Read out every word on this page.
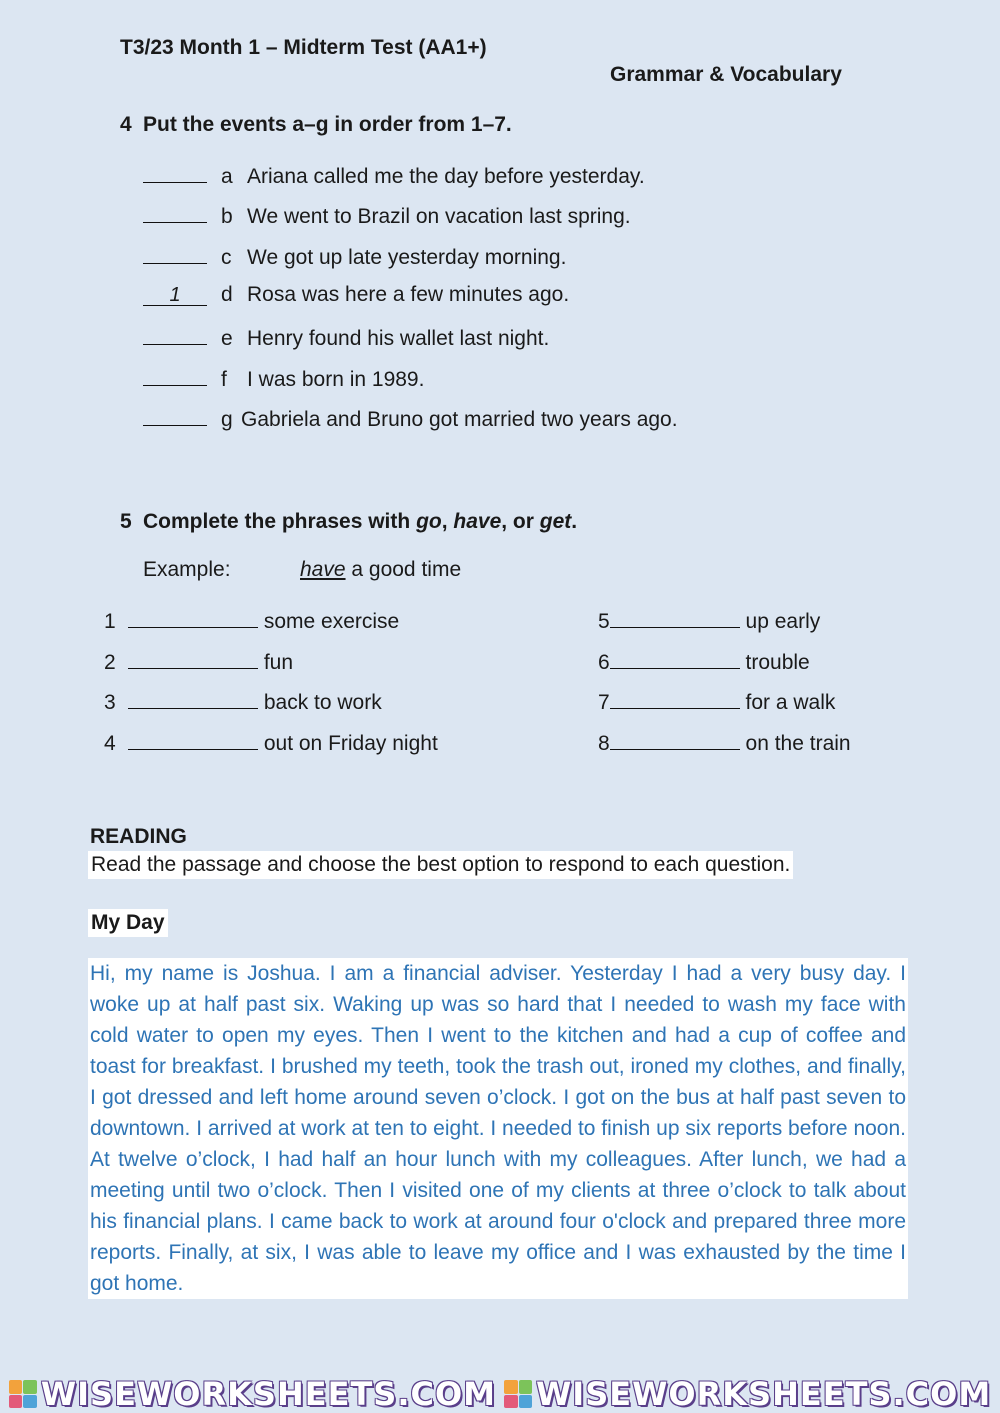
T3/23 Month 1 – Midterm Test (AA1+)
Grammar & Vocabulary
4 Put the events a–g in order from 1–7.
a Ariana called me the day before yesterday.
b We went to Brazil on vacation last spring.
c We got up late yesterday morning.
1 d Rosa was here a few minutes ago.
e Henry found his wallet last night.
f I was born in 1989.
g Gabriela and Bruno got married two years ago.
5 Complete the phrases with go, have, or get.
Example:	have a good time
1	some exercise
2	fun
3	back to work
4	out on Friday night
5	up early
6	trouble
7	for a walk
8	on the train
READING
Read the passage and choose the best option to respond to each question.
My Day
Hi, my name is Joshua. I am a financial adviser. Yesterday I had a very busy day. I woke up at half past six. Waking up was so hard that I needed to wash my face with cold water to open my eyes. Then I went to the kitchen and had a cup of coffee and toast for breakfast. I brushed my teeth, took the trash out, ironed my clothes, and finally, I got dressed and left home around seven o’clock. I got on the bus at half past seven to downtown. I arrived at work at ten to eight. I needed to finish up six reports before noon. At twelve o’clock, I had half an hour lunch with my colleagues. After lunch, we had a meeting until two o’clock. Then I visited one of my clients at three o’clock to talk about his financial plans. I came back to work at around four o'clock and prepared three more reports. Finally, at six, I was able to leave my office and I was exhausted by the time I got home.
WISEWORKSHEETS.COM WISEWORKSHEETS.COM
